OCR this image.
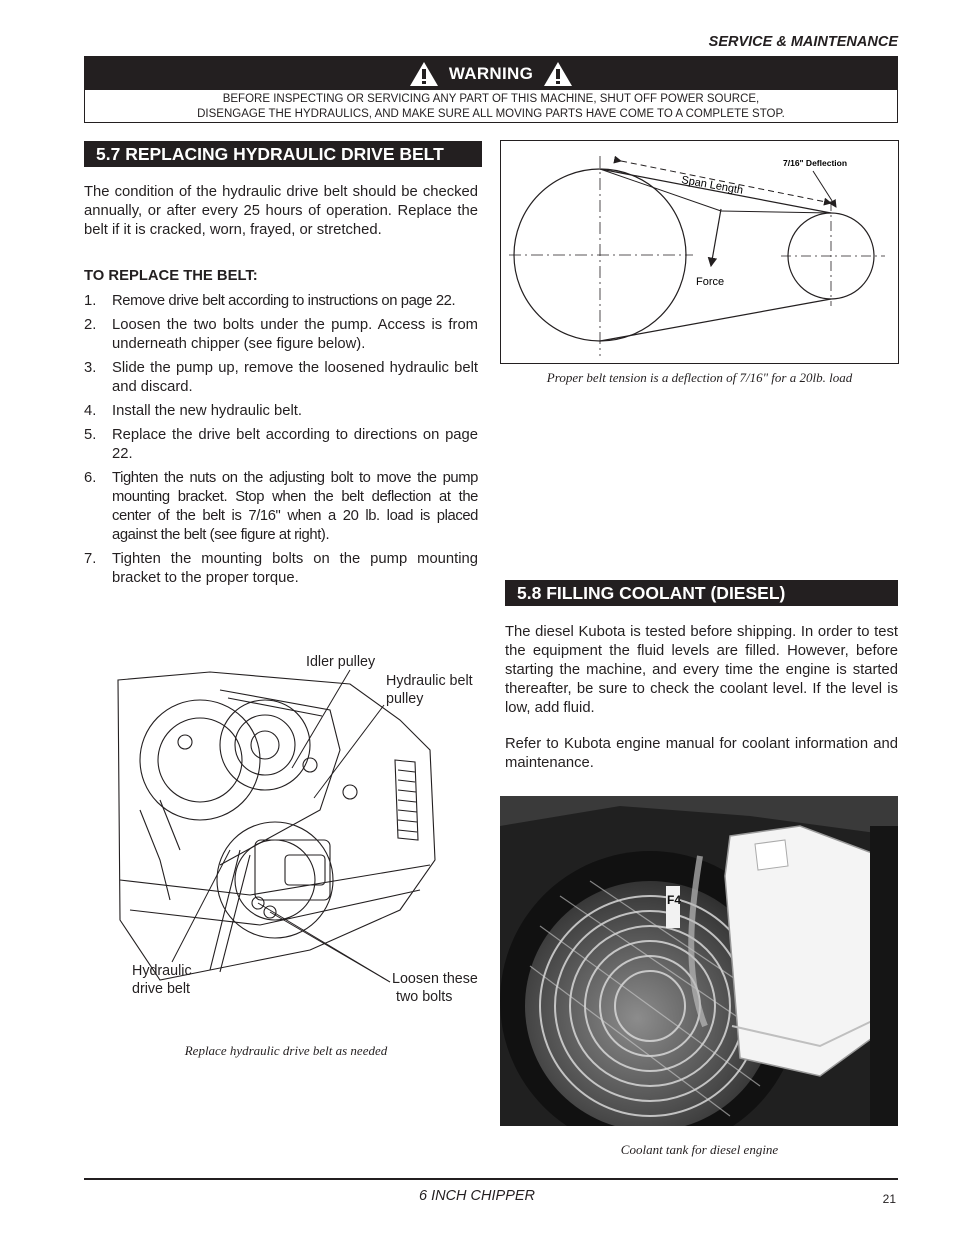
SERVICE & MAINTENANCE
WARNING
BEFORE INSPECTING OR SERVICING ANY PART OF THIS MACHINE, SHUT OFF POWER SOURCE,
DISENGAGE THE HYDRAULICS, AND MAKE SURE ALL MOVING PARTS HAVE COME TO A COMPLETE STOP.
5.7 REPLACING HYDRAULIC DRIVE BELT
The condition of the hydraulic drive belt should be checked annually, or after every 25 hours of operation. Replace the belt if it is cracked, worn, frayed, or stretched.
TO REPLACE THE BELT:
1.	Remove drive belt according to instructions on page 22.
2.	Loosen the two bolts under the pump. Access is from underneath chipper (see figure below).
3.	Slide the pump up, remove the loosened hydraulic belt and discard.
4.	Install the new hydraulic belt.
5.	Replace the drive belt according to directions on page 22.
6.	Tighten the nuts on the adjusting bolt to move the pump mounting bracket. Stop when the belt deflection at the center of the belt is 7/16" when a 20 lb. load is placed against the belt (see figure at right).
7.	Tighten the mounting bolts on the pump mounting bracket to the proper torque.
Span Length
7/16" Deflection
Force
Proper belt tension is a deflection of 7/16" for a 20lb. load
Idler pulley
Hydraulic belt
pulley
Hydraulic
drive belt
Loosen these
two bolts
Replace hydraulic drive belt as needed
5.8 FILLING COOLANT (DIESEL)
The diesel Kubota is tested before shipping. In order to test the equipment the fluid levels are filled. However, before starting the machine, and every time the engine is started thereafter, be sure to check the coolant level. If the level is low, add fluid.
Refer to Kubota engine manual for coolant information and maintenance.
F4
Coolant tank for diesel engine
6 INCH CHIPPER	21
